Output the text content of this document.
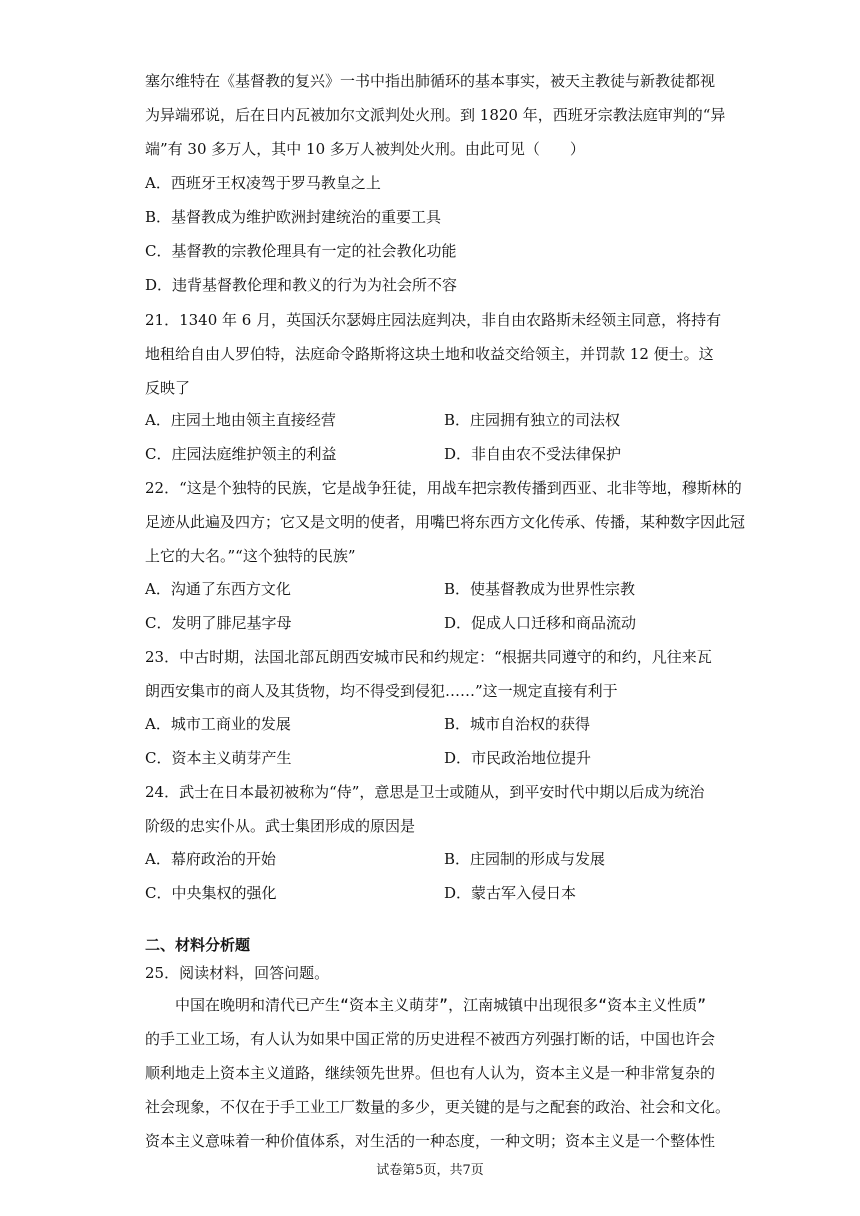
塞尔维特在《基督教的复兴》一书中指出肺循环的基本事实，被天主教徒与新教徒都视
为异端邪说，后在日内瓦被加尔文派判处火刑。到 1820 年，西班牙宗教法庭审判的“异
端”有 30 多万人，其中 10 多万人被判处火刑。由此可见（　　）
A．西班牙王权凌驾于罗马教皇之上
B．基督教成为维护欧洲封建统治的重要工具
C．基督教的宗教伦理具有一定的社会教化功能
D．违背基督教伦理和教义的行为为社会所不容
21．1340 年 6 月，英国沃尔瑟姆庄园法庭判决，非自由农路斯未经领主同意，将持有
地租给自由人罗伯特，法庭命令路斯将这块土地和收益交给领主，并罚款 12 便士。这
反映了
A．庄园土地由领主直接经营	B．庄园拥有独立的司法权
C．庄园法庭维护领主的利益	D．非自由农不受法律保护
22．“这是个独特的民族，它是战争狂徒，用战车把宗教传播到西亚、北非等地，穆斯林的
足迹从此遍及四方；它又是文明的使者，用嘴巴将东西方文化传承、传播，某种数字因此冠
上它的大名。”“这个独特的民族”
A．沟通了东西方文化	B．使基督教成为世界性宗教
C．发明了腓尼基字母	D．促成人口迁移和商品流动
23．中古时期，法国北部瓦朗西安城市民和约规定：“根据共同遵守的和约，凡往来瓦
朗西安集市的商人及其货物，均不得受到侵犯……”这一规定直接有利于
A．城市工商业的发展	B．城市自治权的获得
C．资本主义萌芽产生	D．市民政治地位提升
24．武士在日本最初被称为“侍”，意思是卫士或随从，到平安时代中期以后成为统治
阶级的忠实仆从。武士集团形成的原因是
A．幕府政治的开始	B．庄园制的形成与发展
C．中央集权的强化	D．蒙古军入侵日本
二、材料分析题
25．阅读材料，回答问题。
　　中国在晚明和清代已产生“资本主义萌芽”，江南城镇中出现很多“资本主义性质”
的手工业工场，有人认为如果中国正常的历史进程不被西方列强打断的话，中国也许会
顺利地走上资本主义道路，继续领先世界。但也有人认为，资本主义是一种非常复杂的
社会现象，不仅在于手工业工厂数量的多少，更关键的是与之配套的政治、社会和文化。
资本主义意味着一种价值体系，对生活的一种态度，一种文明；资本主义是一个整体性
试卷第5页，共7页
